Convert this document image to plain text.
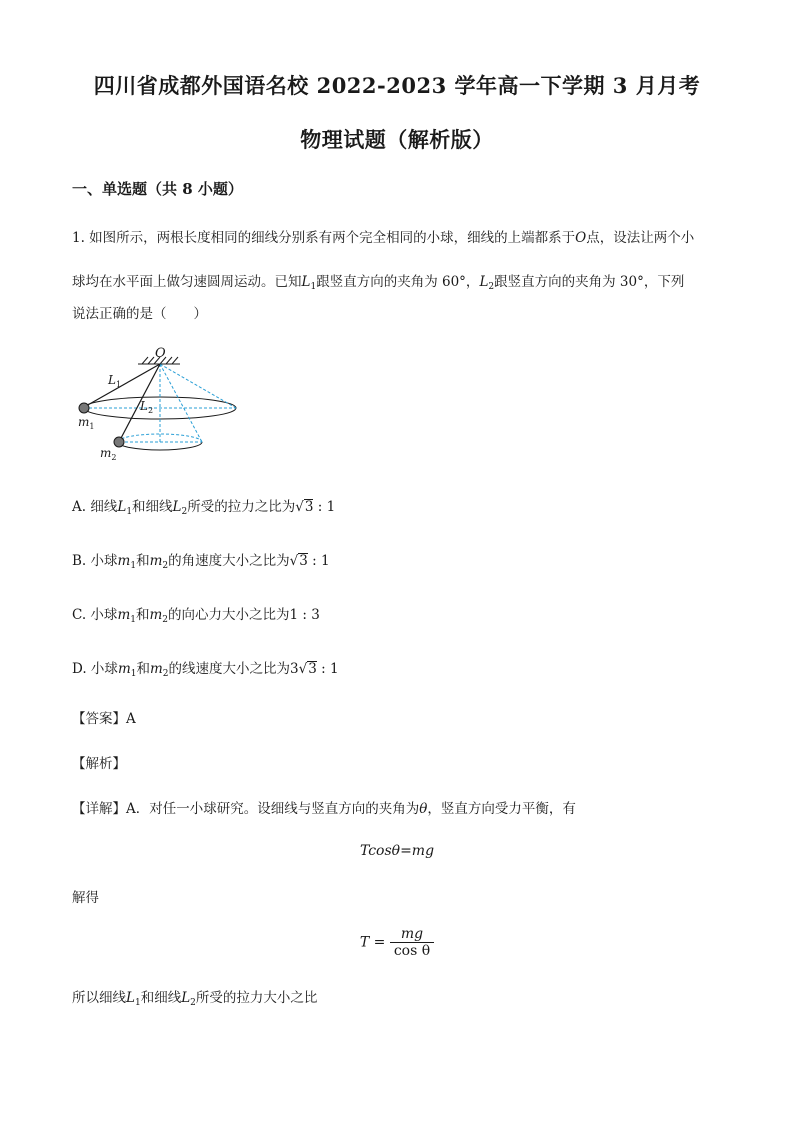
四川省成都外国语名校 2022-2023 学年高一下学期 3 月月考
物理试题（解析版）
一、单选题（共 8 小题）
1. 如图所示，两根长度相同的细线分别系有两个完全相同的小球，细线的上端都系于O点，设法让两个小
球均在水平面上做匀速圆周运动。已知$L_1$跟竖直方向的夹角为 60°，$L_2$跟竖直方向的夹角为 30°，下列
说法正确的是（　　）
O
$L_1$
$L_2$
$m_1$
$m_2$
A. 细线$L_1$和细线$L_2$所受的拉力之比为√3 : 1
B. 小球$m_1$和$m_2$的角速度大小之比为√3 : 1
C. 小球$m_1$和$m_2$的向心力大小之比为1 : 3
D. 小球$m_1$和$m_2$的线速度大小之比为3√3 : 1
【答案】A
【解析】
【详解】A．对任一小球研究。设细线与竖直方向的夹角为θ，竖直方向受力平衡，有
Tcosθ=mg
解得
$T = \frac{mg}{\text{cos θ}}$
所以细线$L_1$和细线$L_2$所受的拉力大小之比
